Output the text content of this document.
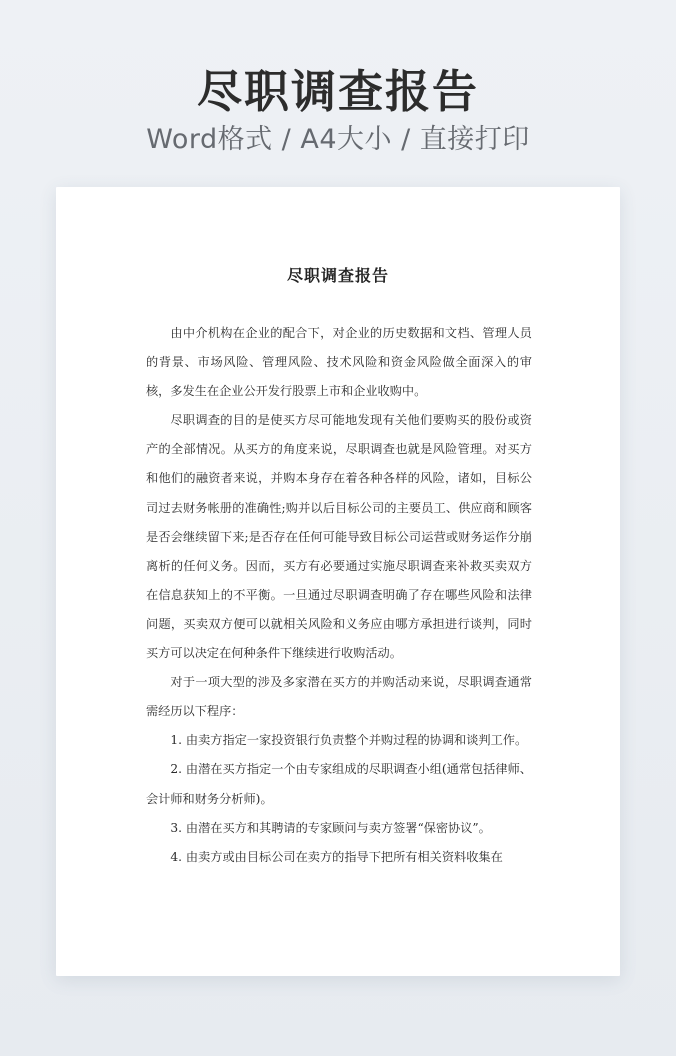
尽职调查报告
Word格式 / A4大小 / 直接打印
尽职调查报告

由中介机构在企业的配合下，对企业的历史数据和文档、管理人员的背景、市场风险、管理风险、技术风险和资金风险做全面深入的审核，多发生在企业公开发行股票上市和企业收购中。

尽职调查的目的是使买方尽可能地发现有关他们要购买的股份或资产的全部情况。从买方的角度来说，尽职调查也就是风险管理。对买方和他们的融资者来说，并购本身存在着各种各样的风险，诸如，目标公司过去财务帐册的准确性;购并以后目标公司的主要员工、供应商和顾客是否会继续留下来;是否存在任何可能导致目标公司运营或财务运作分崩离析的任何义务。因而，买方有必要通过实施尽职调查来补救买卖双方在信息获知上的不平衡。一旦通过尽职调查明确了存在哪些风险和法律问题，买卖双方便可以就相关风险和义务应由哪方承担进行谈判，同时买方可以决定在何种条件下继续进行收购活动。

对于一项大型的涉及多家潜在买方的并购活动来说，尽职调查通常需经历以下程序：

1. 由卖方指定一家投资银行负责整个并购过程的协调和谈判工作。

2. 由潜在买方指定一个由专家组成的尽职调查小组(通常包括律师、会计师和财务分析师)。

3. 由潜在买方和其聘请的专家顾问与卖方签署“保密协议”。

4. 由卖方或由目标公司在卖方的指导下把所有相关资料收集在
